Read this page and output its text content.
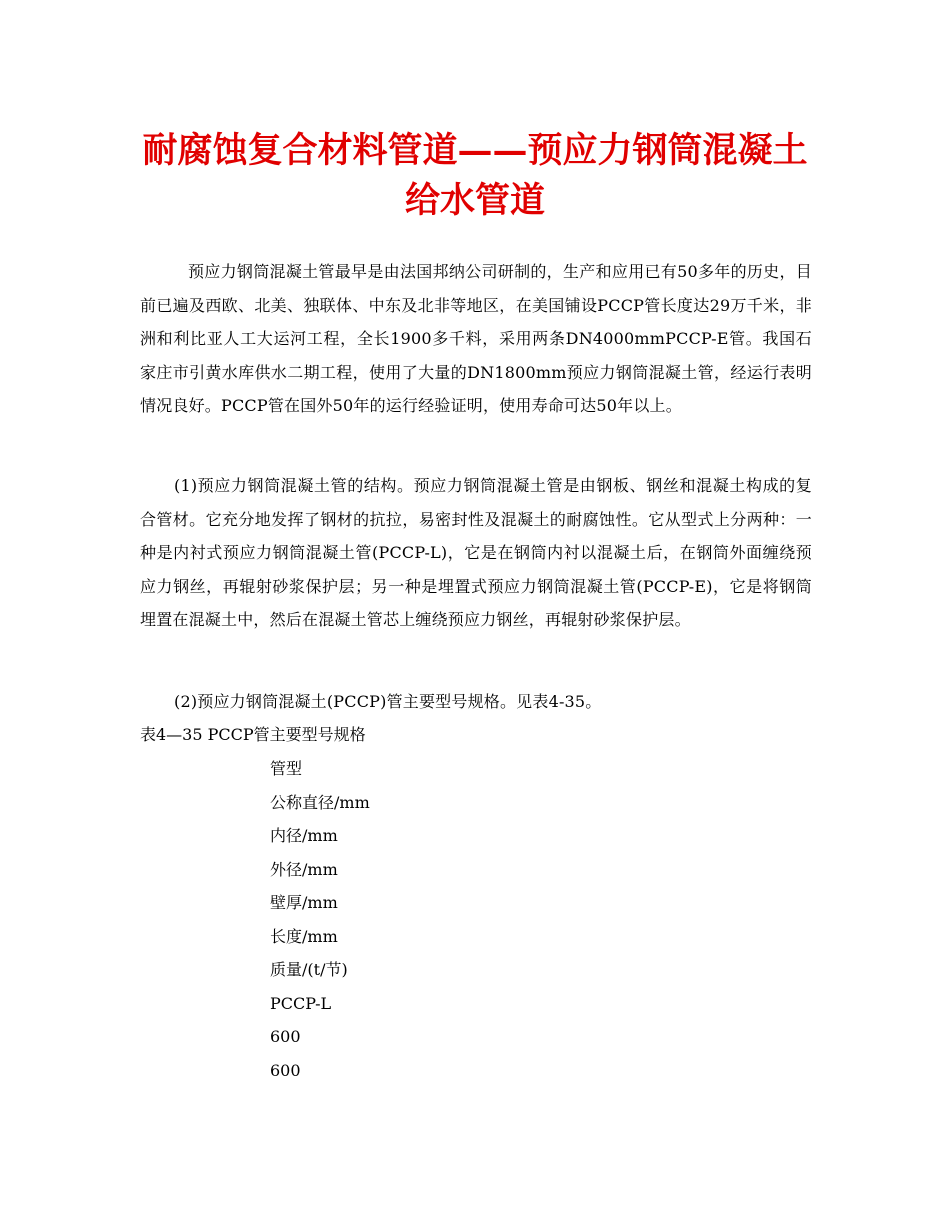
耐腐蚀复合材料管道——预应力钢筒混凝土
给水管道

预应力钢筒混凝土管最早是由法国邦纳公司研制的，生产和应用已有50多年的历史，目前已遍及西欧、北美、独联体、中东及北非等地区，在美国铺设PCCP管长度达29万千米，非洲和利比亚人工大运河工程，全长1900多千料，采用两条DN4000mmPCCP-E管。我国石家庄市引黄水库供水二期工程，使用了大量的DN1800mm预应力钢筒混凝土管，经运行表明情况良好。PCCP管在国外50年的运行经验证明，使用寿命可达50年以上。

(1)预应力钢筒混凝土管的结构。预应力钢筒混凝土管是由钢板、钢丝和混凝土构成的复合管材。它充分地发挥了钢材的抗拉，易密封性及混凝土的耐腐蚀性。它从型式上分两种：一种是内衬式预应力钢筒混凝土管(PCCP-L)，它是在钢筒内衬以混凝土后，在钢筒外面缠绕预应力钢丝，再辊射砂浆保护层；另一种是埋置式预应力钢筒混凝土管(PCCP-E)，它是将钢筒埋置在混凝土中，然后在混凝土管芯上缠绕预应力钢丝，再辊射砂浆保护层。

(2)预应力钢筒混凝土(PCCP)管主要型号规格。见表4-35。

表4—35 PCCP管主要型号规格

管型
公称直径/mm
内径/mm
外径/mm
壁厚/mm
长度/mm
质量/(t/节)
PCCP-L
600
600
